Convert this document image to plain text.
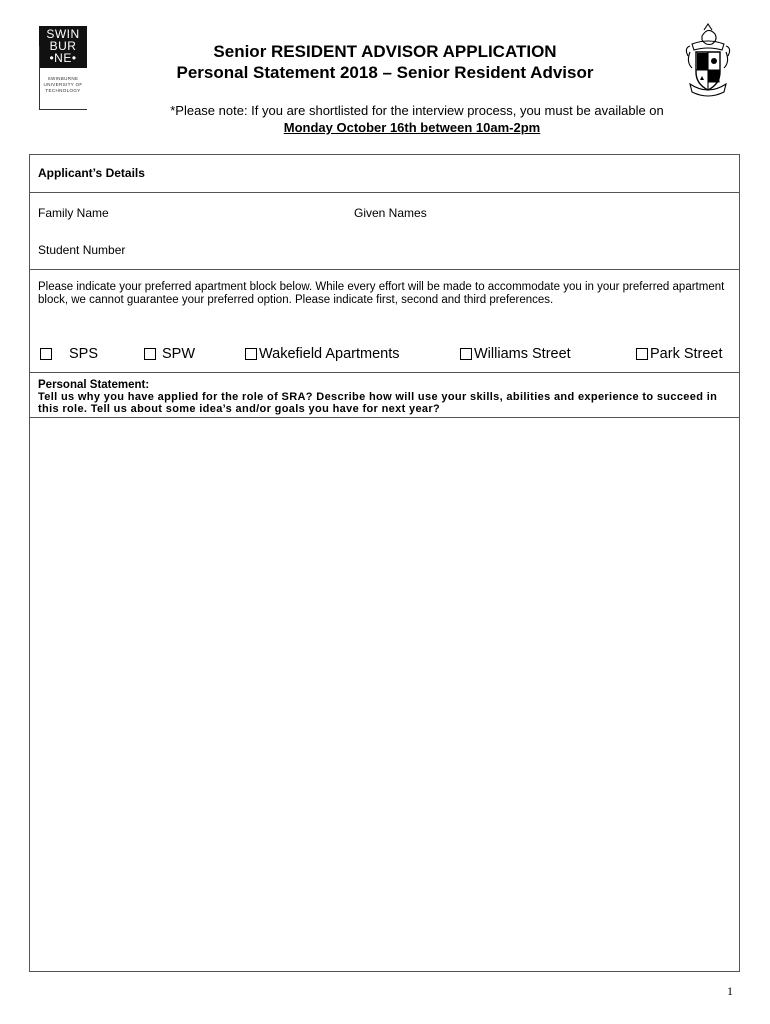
SWIN
BUR
•NE•
SWINBURNE
UNIVERSITY OF
TECHNOLOGY
Senior RESIDENT ADVISOR APPLICATION
Personal Statement 2018 – Senior Resident Advisor
*Please note: If you are shortlisted for the interview process, you must be available on
Monday October 16th between 10am-2pm
Applicant’s Details
Family Name	Given Names
Student Number
Please indicate your preferred apartment block below. While every effort will be made to accommodate you in your preferred apartment block, we cannot guarantee your preferred option. Please indicate first, second and third preferences.
SPS	SPW	Wakefield Apartments	Williams Street	Park Street
Personal Statement:
Tell us why you have applied for the role of SRA? Describe how will use your skills, abilities and experience to succeed in this role. Tell us about some idea’s and/or goals you have for next year?
1
